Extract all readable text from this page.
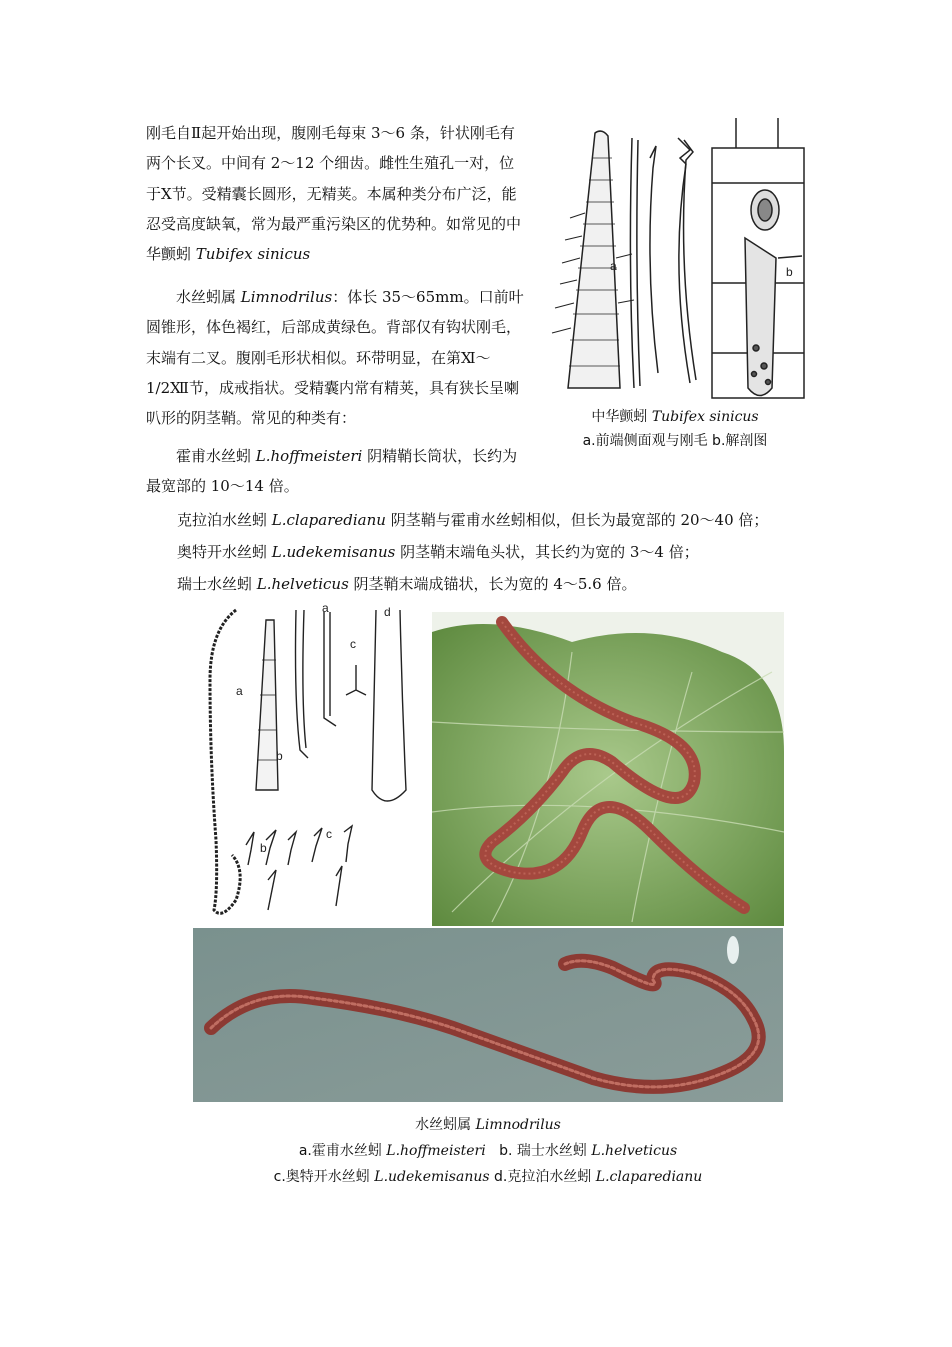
刚毛自Ⅱ起开始出现，腹刚毛每束 3～6 条，针状刚毛有两个长叉。中间有 2～12 个细齿。雌性生殖孔一对，位于Ⅹ节。受精囊长圆形，无精荚。本属种类分布广泛，能忍受高度缺氧，常为最严重污染区的优势种。如常见的中华颤蚓 Tubifex sinicus

水丝蚓属 Limnodrilus：体长 35～65mm。口前叶圆锥形，体色褐红，后部成黄绿色。背部仅有钩状刚毛，末端有二叉。腹刚毛形状相似。环带明显，在第Ⅺ～1/2Ⅻ节，成戒指状。受精囊内常有精荚，具有狭长呈喇叭形的阴茎鞘。常见的种类有：

霍甫水丝蚓 L.hoffmeisteri 阴精鞘长筒状，长约为最宽部的 10～14 倍。

克拉泊水丝蚓 L.claparedianu 阴茎鞘与霍甫水丝蚓相似，但长为最宽部的 20～40 倍；
奥特开水丝蚓 L.udekemisanus 阴茎鞘末端龟头状，其长约为宽的 3～4 倍；
瑞士水丝蚓 L.helveticus 阴茎鞘末端成锚状，长为宽的 4～5.6 倍。
a	b
中华颤蚓 Tubifex sinicus
a.前端侧面观与刚毛 b.解剖图
a
b
b
c
c
a	d
水丝蚓属 Limnodrilus
a.霍甫水丝蚓 L.hoffmeisteri   b. 瑞士水丝蚓 L.helveticus
c.奥特开水丝蚓 L.udekemisanus d.克拉泊水丝蚓 L.claparedianu
